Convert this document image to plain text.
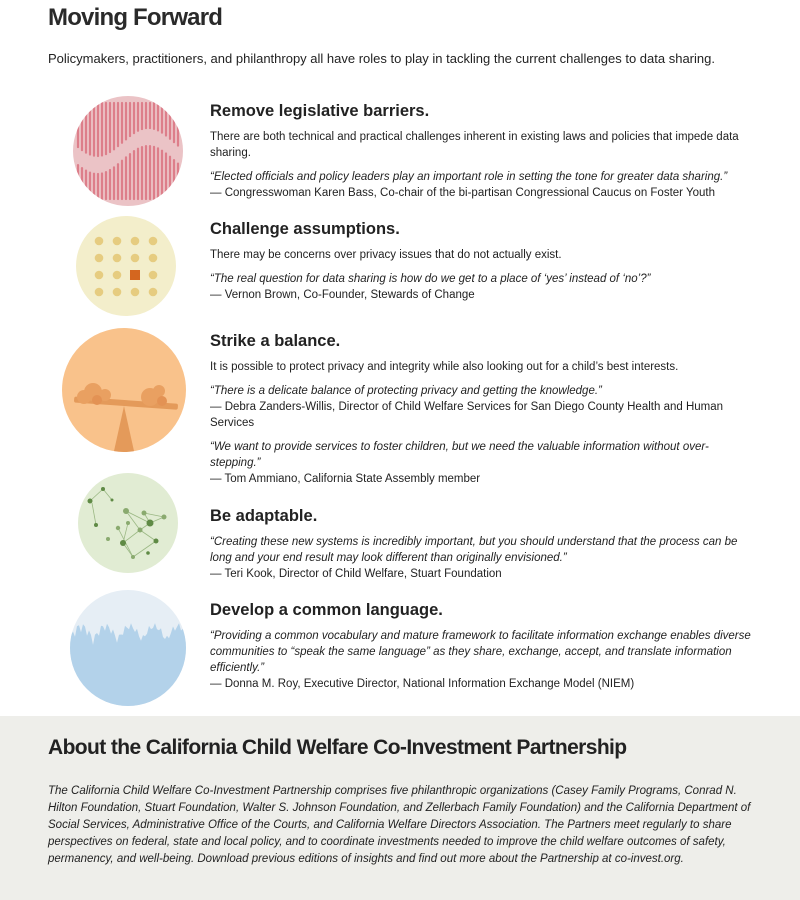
Moving Forward

Policymakers, practitioners, and philanthropy all have roles to play in tackling the current challenges to data sharing.

Remove legislative barriers.

There are both technical and practical challenges inherent in existing laws and policies that impede data sharing.

“Elected officials and policy leaders play an important role in setting the tone for greater data sharing.”
— Congresswoman Karen Bass, Co-chair of the bi-partisan Congressional Caucus on Foster Youth

Challenge assumptions.

There may be concerns over privacy issues that do not actually exist.

“The real question for data sharing is how do we get to a place of ‘yes’ instead of ‘no’?”
— Vernon Brown, Co-Founder, Stewards of Change

Strike a balance.

It is possible to protect privacy and integrity while also looking out for a child’s best interests.

“There is a delicate balance of protecting privacy and getting the knowledge.”
— Debra Zanders-Willis, Director of Child Welfare Services for San Diego County Health and Human Services

“We want to provide services to foster children, but we need the valuable information without over-stepping.”
— Tom Ammiano, California State Assembly member

Be adaptable.

“Creating these new systems is incredibly important, but you should understand that the process can be long and your end result may look different than originally envisioned.”
— Teri Kook, Director of Child Welfare, Stuart Foundation

Develop a common language.

“Providing a common vocabulary and mature framework to facilitate information exchange enables diverse communities to “speak the same language” as they share, exchange, accept, and translate information efficiently.”
— Donna M. Roy, Executive Director, National Information Exchange Model (NIEM)

About the California Child Welfare Co-Investment Partnership

The California Child Welfare Co-Investment Partnership comprises five philanthropic organizations (Casey Family Programs, Conrad N. Hilton Foundation, Stuart Foundation, Walter S. Johnson Foundation, and Zellerbach Family Foundation) and the California Department of Social Services, Administrative Office of the Courts, and California Welfare Directors Association. The Partners meet regularly to share perspectives on federal, state and local policy, and to coordinate investments needed to improve the child welfare outcomes of safety, permanency, and well-being. Download previous editions of insights and find out more about the Partnership at co-invest.org.
